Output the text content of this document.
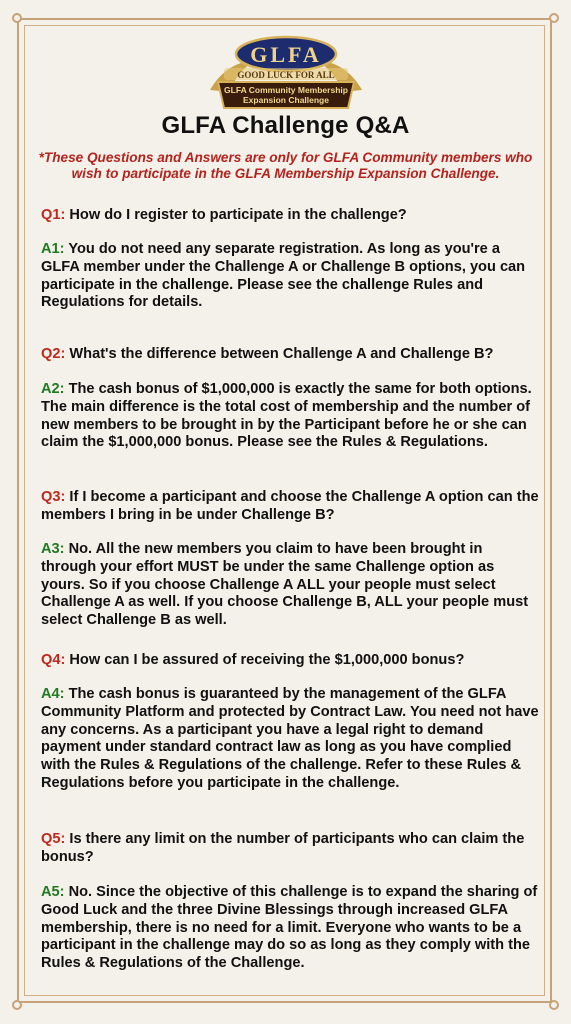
GLFA
GOOD LUCK FOR ALL
GLFA Community Membership
Expansion Challenge
GLFA Challenge Q&A
*These Questions and Answers are only for GLFA Community members who wish to participate in the GLFA Membership Expansion Challenge.
Q1: How do I register to participate in the challenge?
A1: You do not need any separate registration. As long as you're a GLFA member under the Challenge A or Challenge B options, you can participate in the challenge. Please see the challenge Rules and Regulations for details.
Q2: What's the difference between Challenge A and Challenge B?
A2: The cash bonus of $1,000,000 is exactly the same for both options. The main difference is the total cost of membership and the number of new members to be brought in by the Participant before he or she can claim the $1,000,000 bonus. Please see the Rules & Regulations.
Q3: If I become a participant and choose the Challenge A option can the members I bring in be under Challenge B?
A3: No. All the new members you claim to have been brought in through your effort MUST be under the same Challenge option as yours. So if you choose Challenge A ALL your people must select Challenge A as well. If you choose Challenge B, ALL your people must select Challenge B as well.
Q4: How can I be assured of receiving the $1,000,000 bonus?
A4: The cash bonus is guaranteed by the management of the GLFA Community Platform and protected by Contract Law. You need not have any concerns. As a participant you have a legal right to demand payment under standard contract law as long as you have complied with the Rules & Regulations of the challenge. Refer to these Rules & Regulations before you participate in the challenge.
Q5: Is there any limit on the number of participants who can claim the bonus?
A5: No. Since the objective of this challenge is to expand the sharing of Good Luck and the three Divine Blessings through increased GLFA membership, there is no need for a limit. Everyone who wants to be a participant in the challenge may do so as long as they comply with the Rules & Regulations of the Challenge.
